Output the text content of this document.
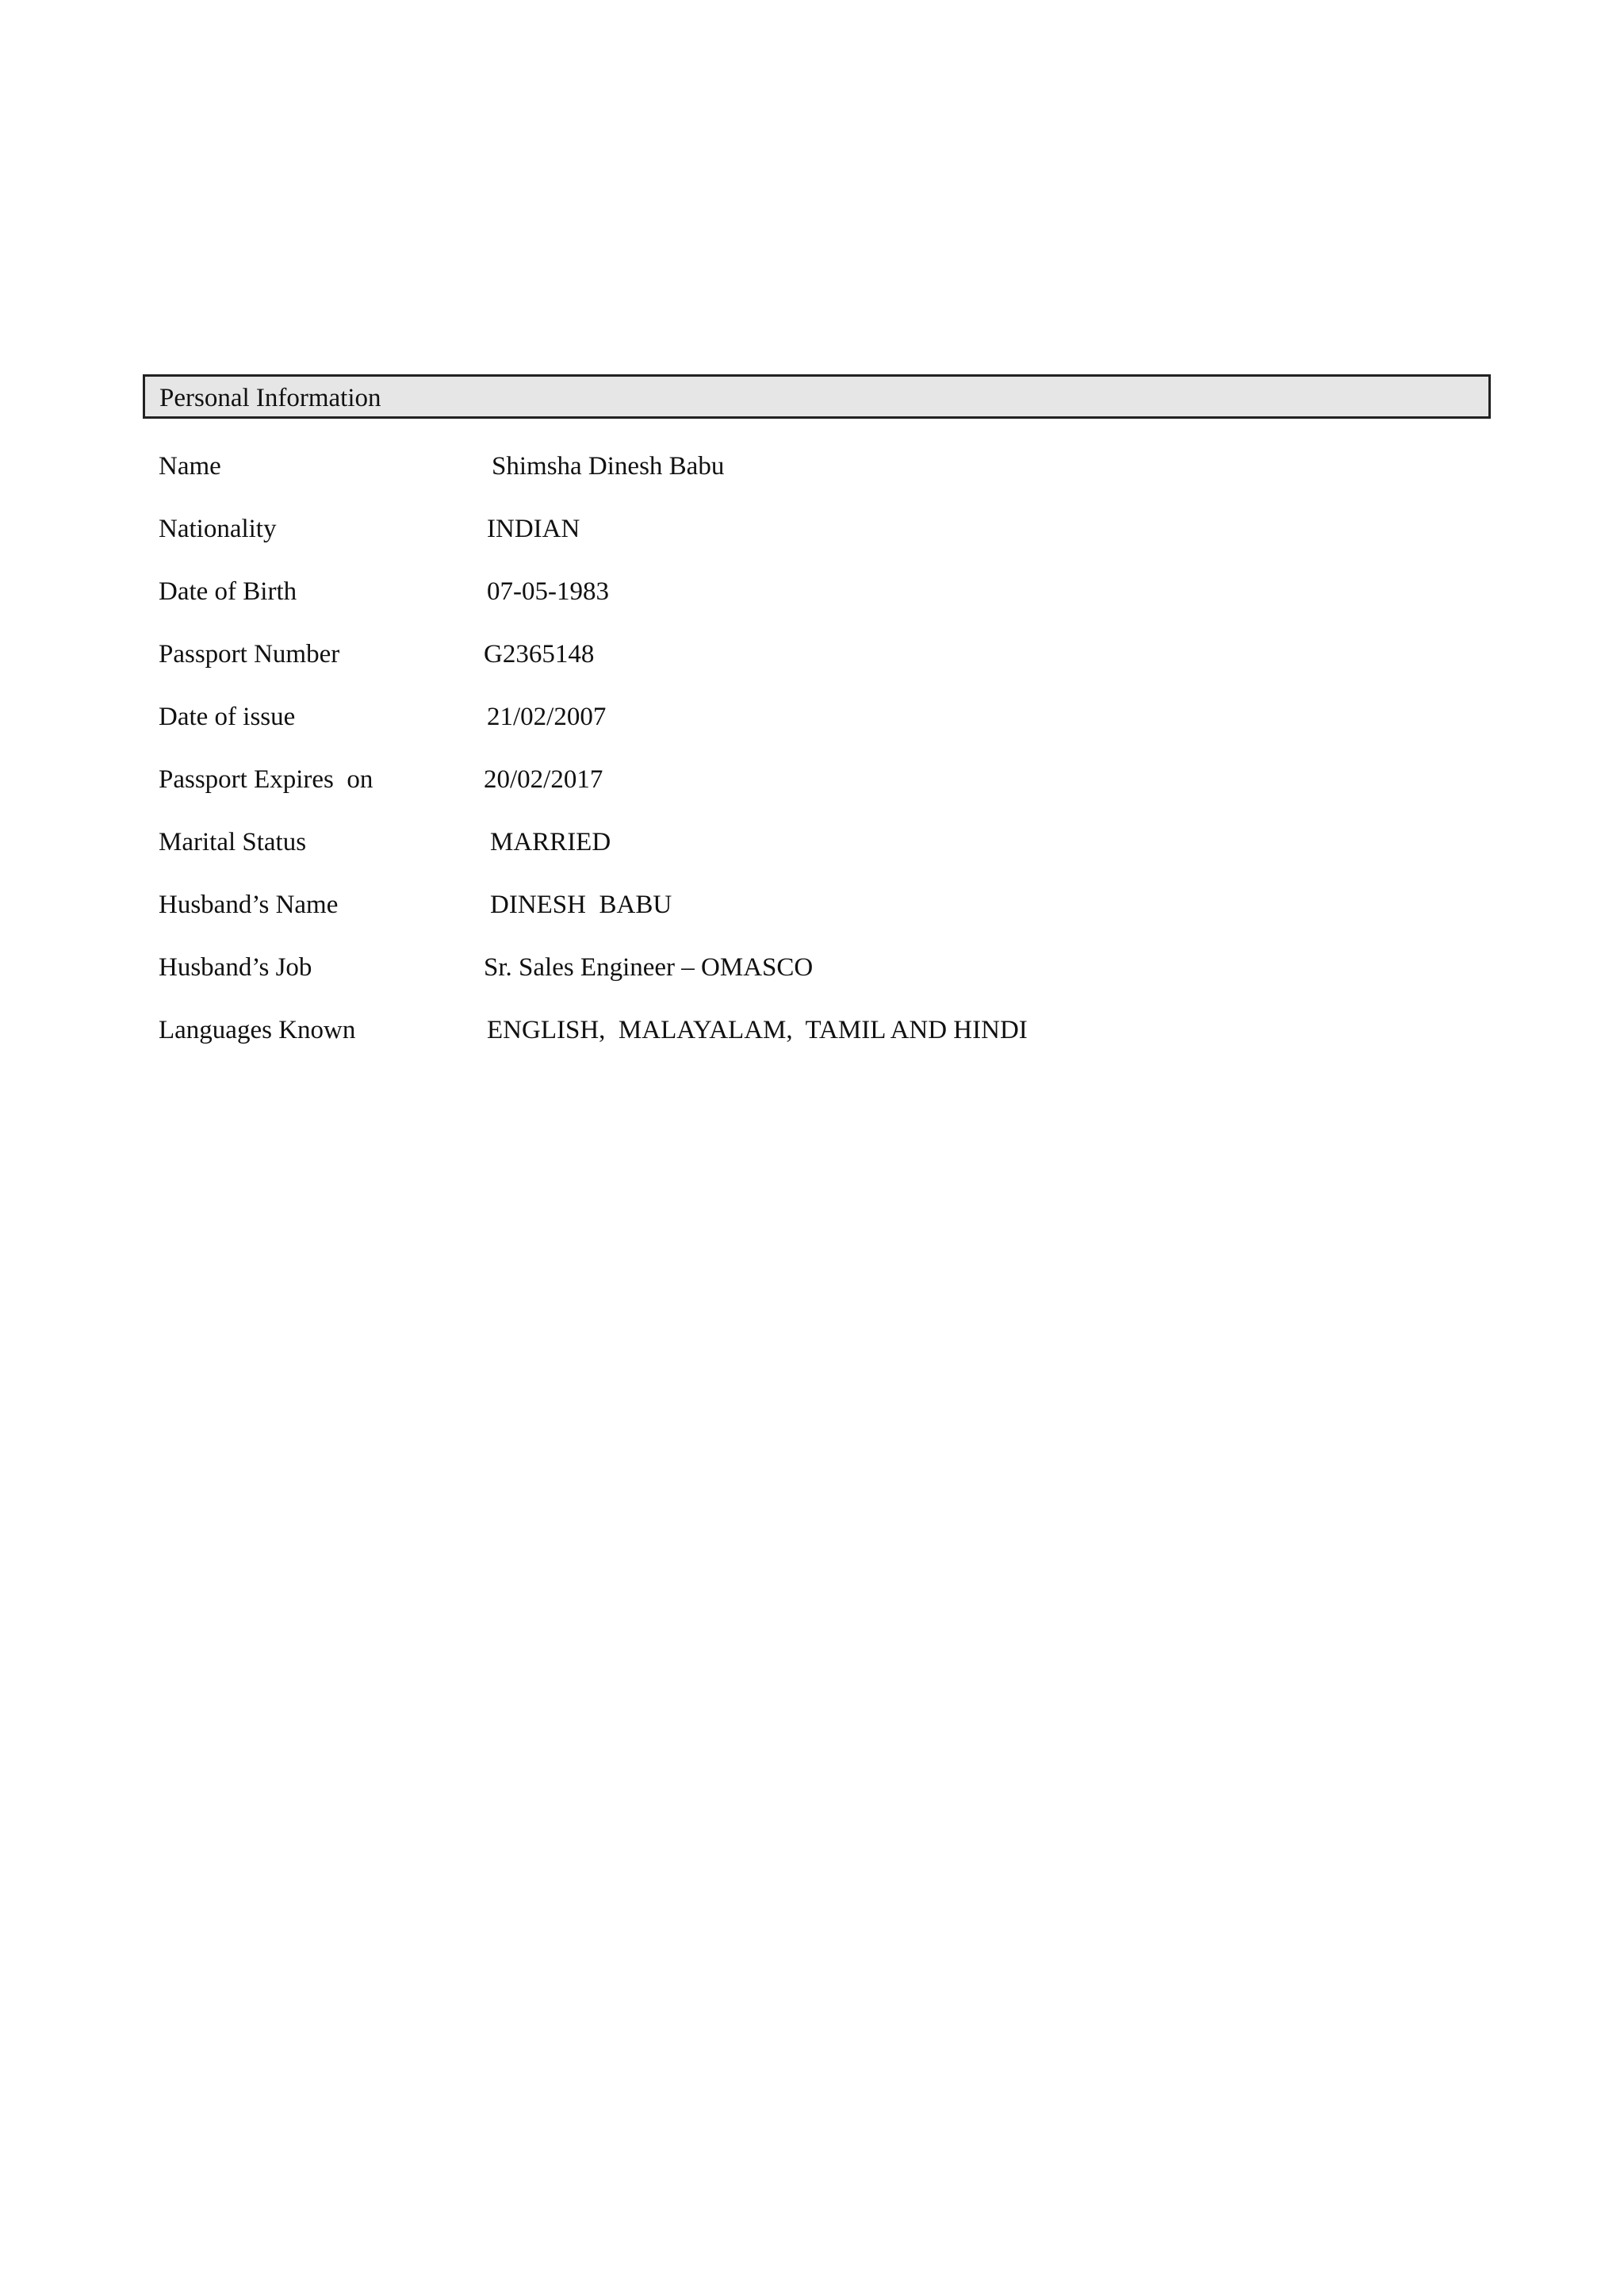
Personal Information
Name	Shimsha Dinesh Babu
Nationality	INDIAN
Date of Birth	07-05-1983
Passport Number	G2365148
Date of issue	21/02/2007
Passport Expires  on	20/02/2017
Marital Status	MARRIED
Husband’s Name	DINESH  BABU
Husband’s Job	Sr. Sales Engineer – OMASCO
Languages Known	ENGLISH,  MALAYALAM,  TAMIL AND HINDI
